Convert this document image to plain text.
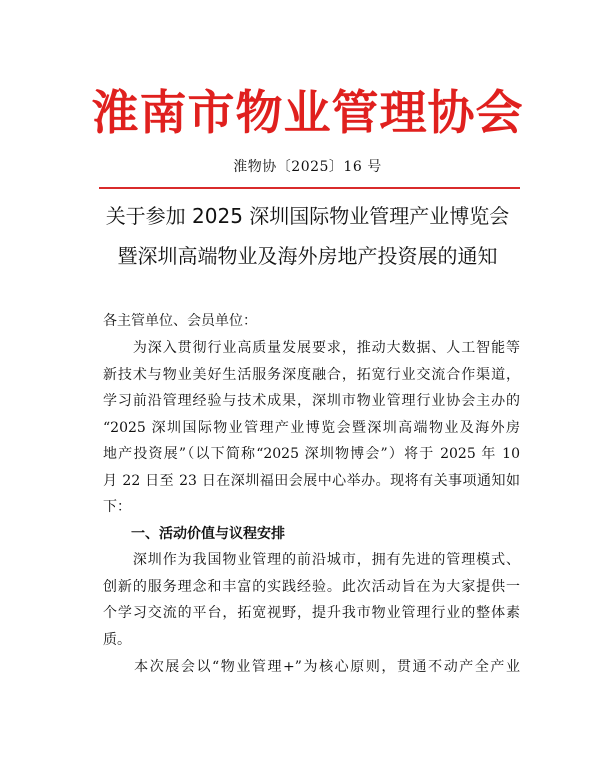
淮南市物业管理协会
淮物协〔2025〕16 号
关于参加 2025 深圳国际物业管理产业博览会
暨深圳高端物业及海外房地产投资展的通知
各主管单位、会员单位：
　　为深入贯彻行业高质量发展要求，推动大数据、人工智能等
新技术与物业美好生活服务深度融合，拓宽行业交流合作渠道，
学习前沿管理经验与技术成果，深圳市物业管理行业协会主办的
“2025 深圳国际物业管理产业博览会暨深圳高端物业及海外房
地产投资展”（以下简称“2025 深圳物博会”）将于 2025 年 10
月 22 日至 23 日在深圳福田会展中心举办。现将有关事项通知如
下：
　　一、活动价值与议程安排
　　深圳作为我国物业管理的前沿城市，拥有先进的管理模式、
创新的服务理念和丰富的实践经验。此次活动旨在为大家提供一
个学习交流的平台，拓宽视野，提升我市物业管理行业的整体素
质。
　　本次展会以“物业管理+”为核心原则，贯通不动产全产业
